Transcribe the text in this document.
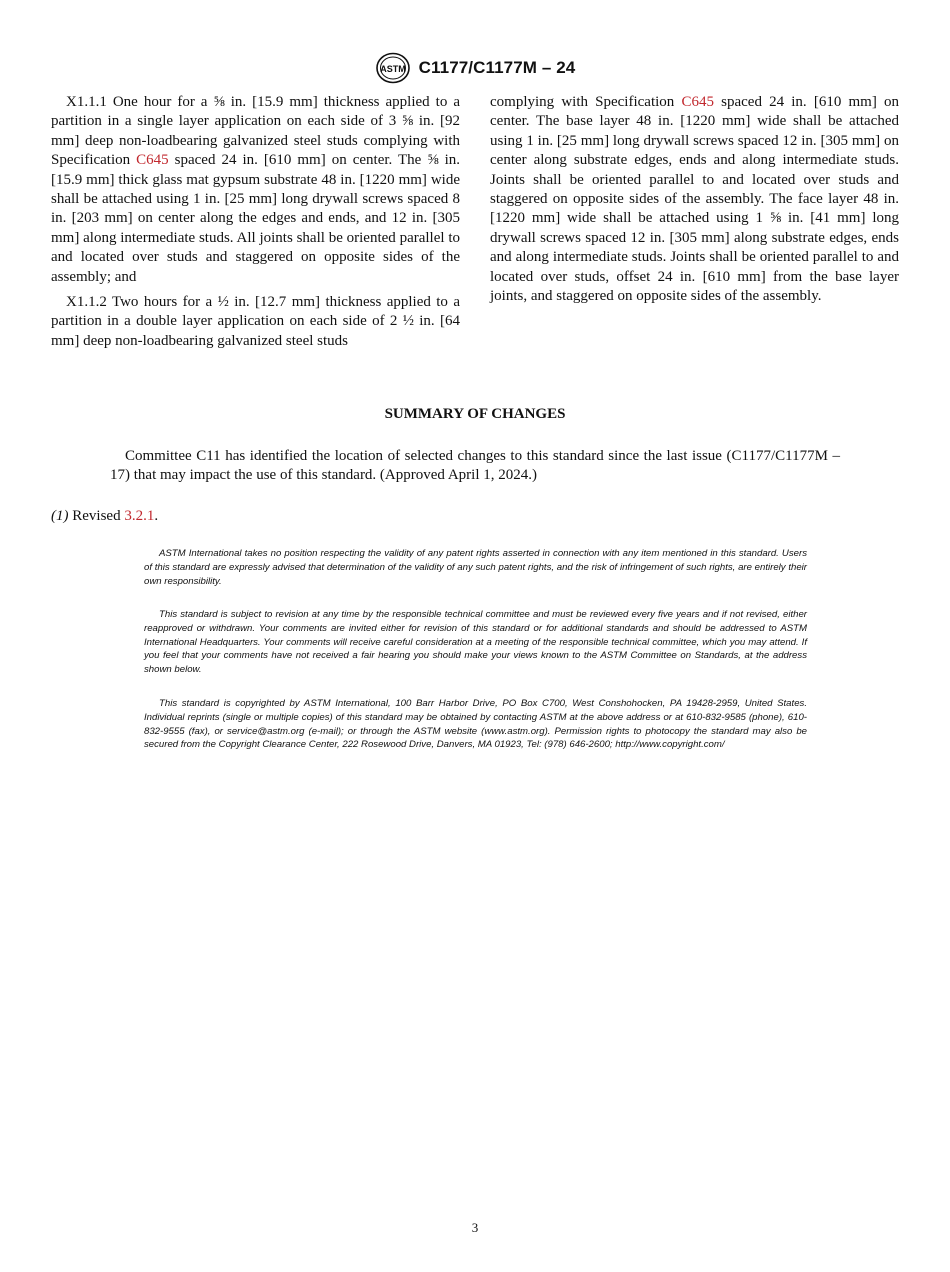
ASTM C1177/C1177M – 24

X1.1.1 One hour for a ⅝ in. [15.9 mm] thickness applied to a partition in a single layer application on each side of 3 ⅝ in. [92 mm] deep non-loadbearing galvanized steel studs complying with Specification C645 spaced 24 in. [610 mm] on center. The ⅝ in. [15.9 mm] thick glass mat gypsum substrate 48 in. [1220 mm] wide shall be attached using 1 in. [25 mm] long drywall screws spaced 8 in. [203 mm] on center along the edges and ends, and 12 in. [305 mm] along intermediate studs. All joints shall be oriented parallel to and located over studs and staggered on opposite sides of the assembly; and

X1.1.2 Two hours for a ½ in. [12.7 mm] thickness applied to a partition in a double layer application on each side of 2 ½ in. [64 mm] deep non-loadbearing galvanized steel studs

complying with Specification C645 spaced 24 in. [610 mm] on center. The base layer 48 in. [1220 mm] wide shall be attached using 1 in. [25 mm] long drywall screws spaced 12 in. [305 mm] on center along substrate edges, ends and along intermediate studs. Joints shall be oriented parallel to and located over studs and staggered on opposite sides of the assembly. The face layer 48 in. [1220 mm] wide shall be attached using 1 ⅝ in. [41 mm] long drywall screws spaced 12 in. [305 mm] along substrate edges, ends and along intermediate studs. Joints shall be oriented parallel to and located over studs, offset 24 in. [610 mm] from the base layer joints, and staggered on opposite sides of the assembly.

SUMMARY OF CHANGES
Committee C11 has identified the location of selected changes to this standard since the last issue (C1177/C1177M – 17) that may impact the use of this standard. (Approved April 1, 2024.)
(1) Revised 3.2.1.

ASTM International takes no position respecting the validity of any patent rights asserted in connection with any item mentioned in this standard. Users of this standard are expressly advised that determination of the validity of any such patent rights, and the risk of infringement of such rights, are entirely their own responsibility.

This standard is subject to revision at any time by the responsible technical committee and must be reviewed every five years and if not revised, either reapproved or withdrawn. Your comments are invited either for revision of this standard or for additional standards and should be addressed to ASTM International Headquarters. Your comments will receive careful consideration at a meeting of the responsible technical committee, which you may attend. If you feel that your comments have not received a fair hearing you should make your views known to the ASTM Committee on Standards, at the address shown below.

This standard is copyrighted by ASTM International, 100 Barr Harbor Drive, PO Box C700, West Conshohocken, PA 19428-2959, United States. Individual reprints (single or multiple copies) of this standard may be obtained by contacting ASTM at the above address or at 610-832-9585 (phone), 610-832-9555 (fax), or service@astm.org (e-mail); or through the ASTM website (www.astm.org). Permission rights to photocopy the standard may also be secured from the Copyright Clearance Center, 222 Rosewood Drive, Danvers, MA 01923, Tel: (978) 646-2600; http://www.copyright.com/

3
